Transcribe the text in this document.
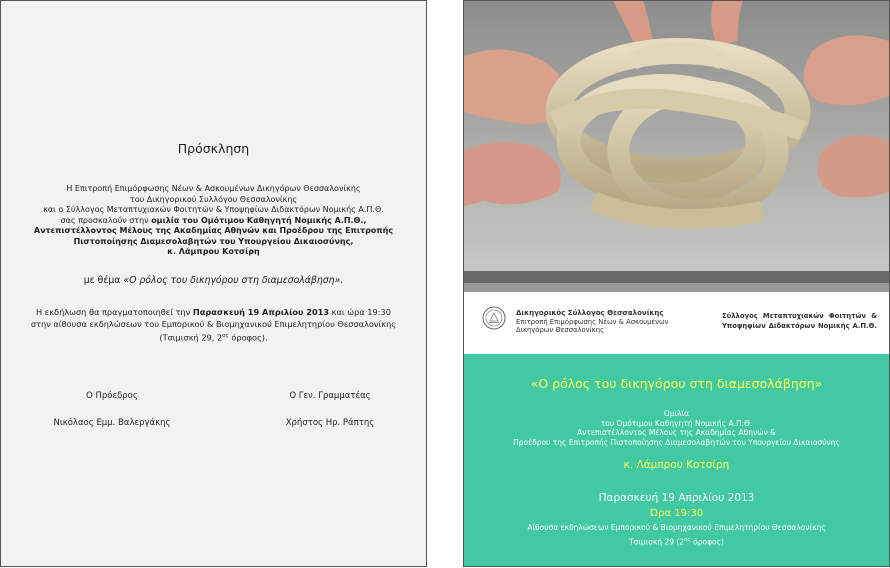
Πρόσκληση
Η Επιτροπή Επιμόρφωσης Νέων & Ασκουμένων Δικηγόρων Θεσσαλονίκης
του Δικηγορικού Συλλόγου Θεσσαλονίκης
και ο Σύλλογος Μεταπτυχιακών Φοιτητών & Υποψηφίων Διδακτόρων Νομικής Α.Π.Θ.
σας προσκαλούν στην ομιλία του Ομότιμου Καθηγητή Νομικής Α.Π.Θ.,
Αντεπιστέλλοντος Μέλους της Ακαδημίας Αθηνών και Προέδρου της Επιτροπής
Πιστοποίησης Διαμεσολαβητών του Υπουργείου Δικαιοσύνης,
κ. Λάμπρου Κοτσίρη
με θέμα «Ο ρόλος του δικηγόρου στη διαμεσολάβηση».
Η εκδήλωση θα πραγματοποιηθεί την Παρασκευή 19 Απριλίου 2013 και ώρα 19:30
στην αίθουσα εκδηλώσεων του Εμπορικού & Βιομηχανικού Επιμελητηρίου Θεσσαλονίκης
(Τσιμισκή 29, $2^{o\varsigma}$ όροφος).
Ο Πρόεδρος
Νικόλαος Εμμ. Βαλεργάκης
Ο Γεν. Γραμματέας
Χρήστος Ηρ. Ράπτης
Δικηγορικός Σύλλογος Θεσσαλονίκης
Επιτροπή Επιμόρφωσης Νέων & Ασκουμένων
Δικηγόρων Θεσσαλονίκης
Σύλλογος Μεταπτυχιακών Φοιτητών &
Υποψηφίων Διδακτόρων Νομικής Α.Π.Θ.
«Ο ρόλος του δικηγόρου στη διαμεσολάβηση»
Ομιλία
του Ομότιμου Καθηγητή Νομικής Α.Π.Θ.
Αντεπιστέλλοντος Μέλους της Ακαδημίας Αθηνών &
Προέδρου της Επιτροπής Πιστοποίησης Διαμεσολαβητών του Υπουργείου Δικαιοσύνης
κ. Λάμπρου Κοτσίρη
Παρασκευή 19 Απριλίου 2013
Ώρα 19:30
Αίθουσα εκδηλώσεων Εμπορικού & Βιομηχανικού Επιμελητηρίου Θεσσαλονίκης
Τσιμισκή 29 ($2^{o\varsigma}$ όροφος)
